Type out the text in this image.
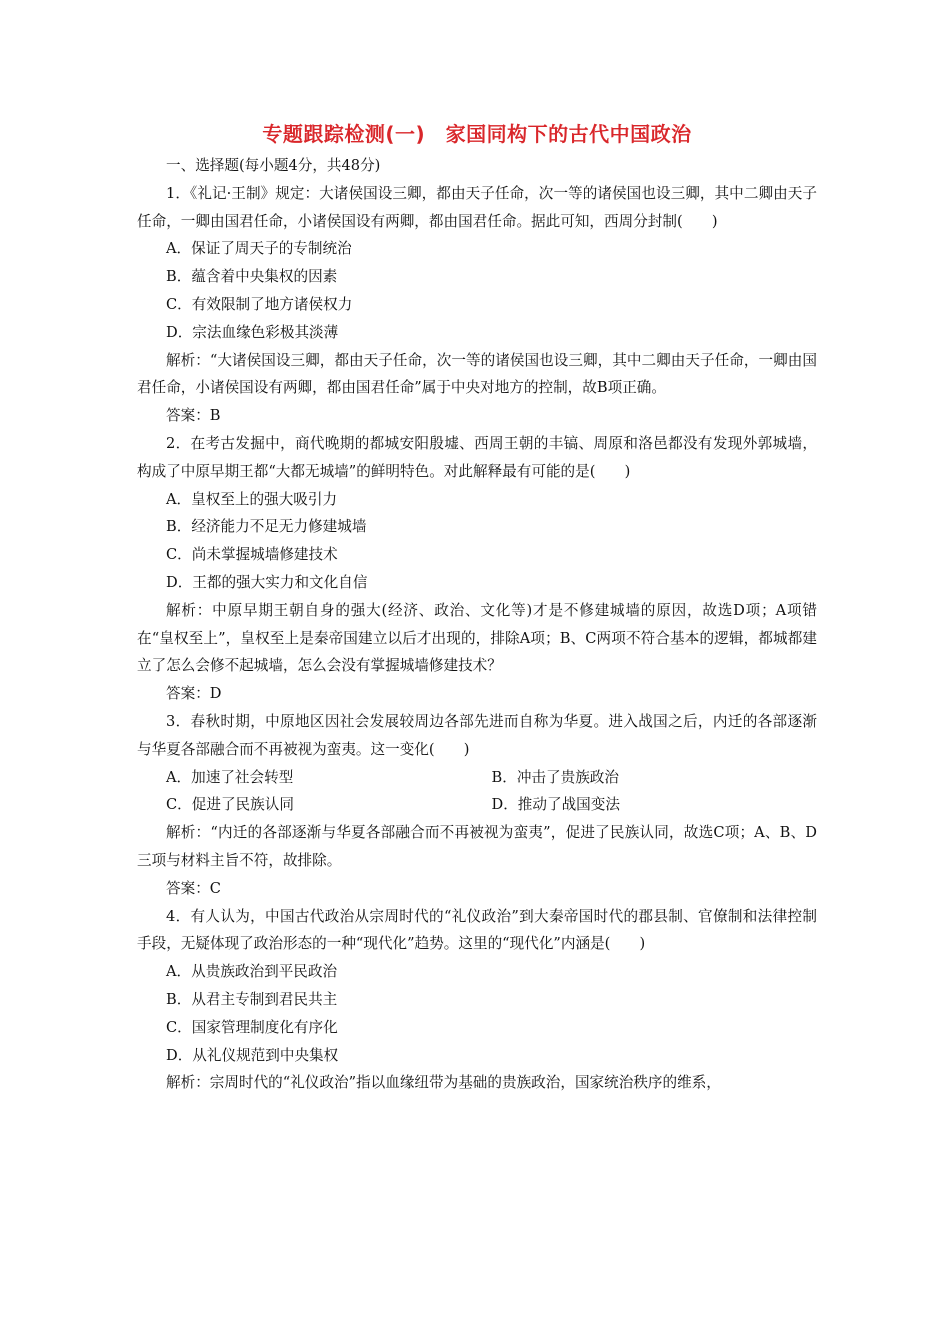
专题跟踪检测(一)　家国同构下的古代中国政治

一、选择题(每小题4分，共48分)

1．《礼记·王制》规定：大诸侯国设三卿，都由天子任命，次一等的诸侯国也设三卿，其中二卿由天子任命，一卿由国君任命，小诸侯国设有两卿，都由国君任命。据此可知，西周分封制(　　)

A．保证了周天子的专制统治

B．蕴含着中央集权的因素

C．有效限制了地方诸侯权力

D．宗法血缘色彩极其淡薄

解析：“大诸侯国设三卿，都由天子任命，次一等的诸侯国也设三卿，其中二卿由天子任命，一卿由国君任命，小诸侯国设有两卿，都由国君任命”属于中央对地方的控制，故B项正确。

答案：B

2．在考古发掘中，商代晚期的都城安阳殷墟、西周王朝的丰镐、周原和洛邑都没有发现外郭城墙，构成了中原早期王都“大都无城墙”的鲜明特色。对此解释最有可能的是(　　)

A．皇权至上的强大吸引力

B．经济能力不足无力修建城墙

C．尚未掌握城墙修建技术

D．王都的强大实力和文化自信

解析：中原早期王朝自身的强大(经济、政治、文化等)才是不修建城墙的原因，故选D项；A项错在“皇权至上”，皇权至上是秦帝国建立以后才出现的，排除A项；B、C两项不符合基本的逻辑，都城都建立了怎么会修不起城墙，怎么会没有掌握城墙修建技术？

答案：D

3．春秋时期，中原地区因社会发展较周边各部先进而自称为华夏。进入战国之后，内迁的各部逐渐与华夏各部融合而不再被视为蛮夷。这一变化(　　)

A．加速了社会转型	B．冲击了贵族政治
C．促进了民族认同	D．推动了战国变法

解析：“内迁的各部逐渐与华夏各部融合而不再被视为蛮夷”，促进了民族认同，故选C项；A、B、D三项与材料主旨不符，故排除。

答案：C

4．有人认为，中国古代政治从宗周时代的“礼仪政治”到大秦帝国时代的郡县制、官僚制和法律控制手段，无疑体现了政治形态的一种“现代化”趋势。这里的“现代化”内涵是(　　)

A．从贵族政治到平民政治

B．从君主专制到君民共主

C．国家管理制度化有序化

D．从礼仪规范到中央集权

解析：宗周时代的“礼仪政治”指以血缘纽带为基础的贵族政治，国家统治秩序的维系，
